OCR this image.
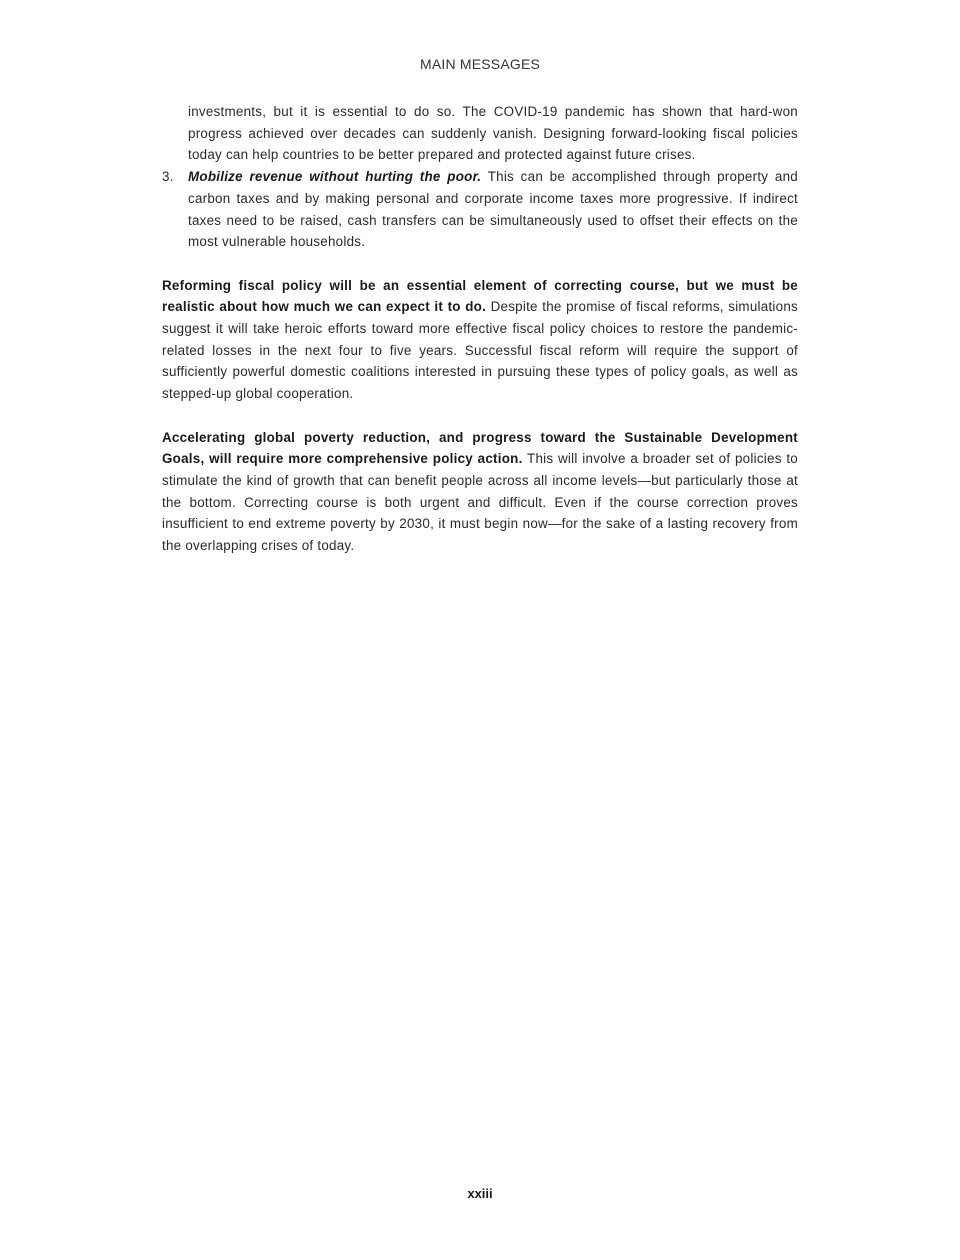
MAIN MESSAGES

investments, but it is essential to do so. The COVID-19 pandemic has shown that hard-won progress achieved over decades can suddenly vanish. Designing forward-looking fiscal policies today can help countries to be better prepared and protected against future crises.

3. Mobilize revenue without hurting the poor. This can be accomplished through property and carbon taxes and by making personal and corporate income taxes more progressive. If indirect taxes need to be raised, cash transfers can be simultaneously used to offset their effects on the most vulnerable households.

Reforming fiscal policy will be an essential element of correcting course, but we must be realistic about how much we can expect it to do. Despite the promise of fiscal reforms, simulations suggest it will take heroic efforts toward more effective fiscal policy choices to restore the pandemic-related losses in the next four to five years. Successful fiscal reform will require the support of sufficiently powerful domestic coalitions interested in pursuing these types of policy goals, as well as stepped-up global cooperation.

Accelerating global poverty reduction, and progress toward the Sustainable Development Goals, will require more comprehensive policy action. This will involve a broader set of policies to stimulate the kind of growth that can benefit people across all income levels—but particularly those at the bottom. Correcting course is both urgent and difficult. Even if the course correction proves insufficient to end extreme poverty by 2030, it must begin now—for the sake of a lasting recovery from the overlapping crises of today.

xxiii
